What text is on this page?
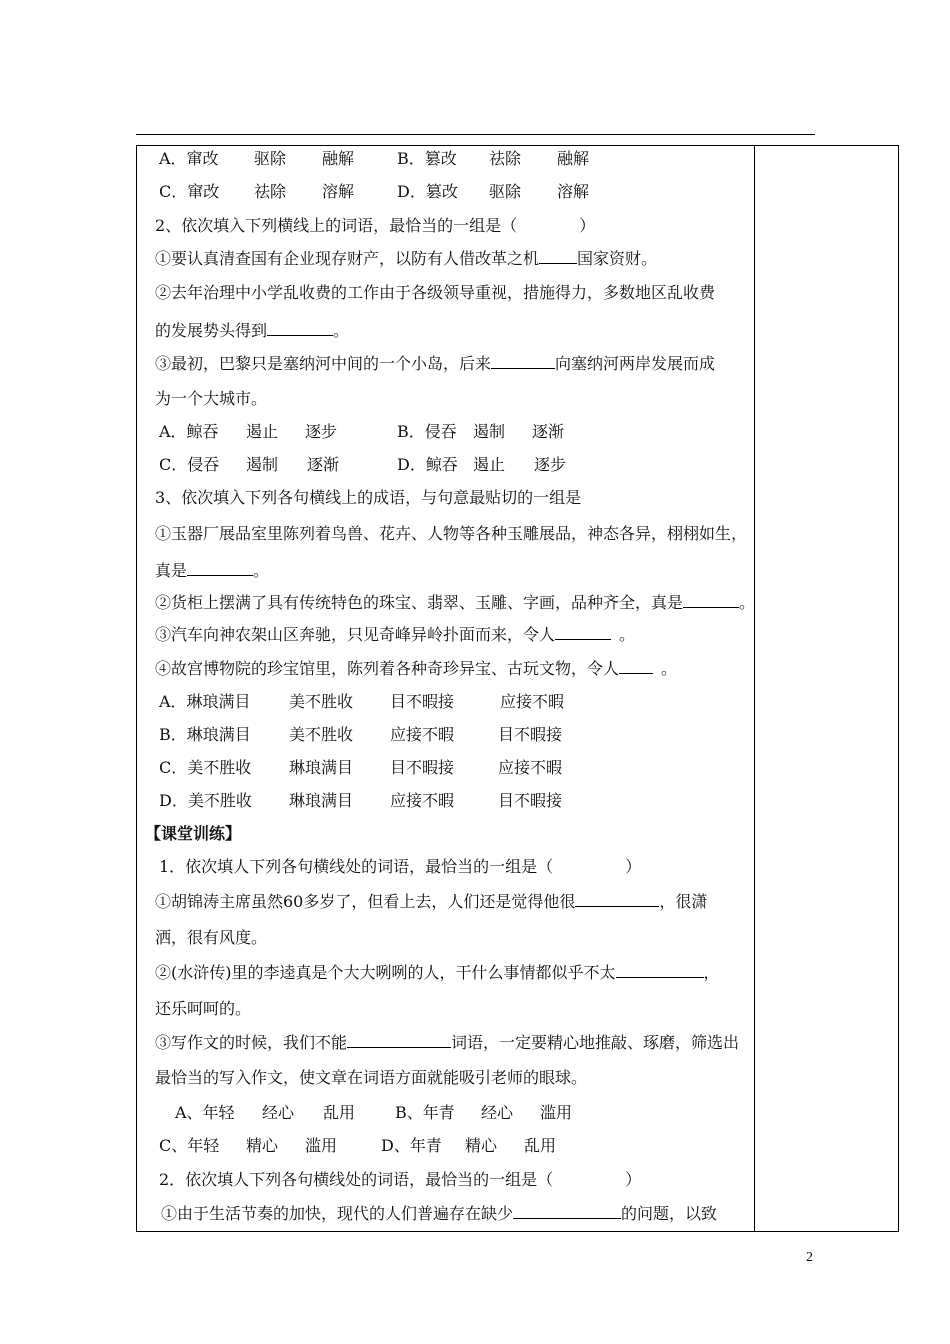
A．窜改 驱除 融解	B．篡改 祛除 融解
C．窜改 祛除 溶解	D．篡改 驱除 溶解
2、依次填入下列横线上的词语，最恰当的一组是（	）
①要认真清查国有企业现存财产，以防有人借改革之机 国家资财。
②去年治理中小学乱收费的工作由于各级领导重视，措施得力，多数地区乱收费
的发展势头得到	。
③最初，巴黎只是塞纳河中间的一个小岛，后来	向塞纳河两岸发展而成
为一个大城市。
A．鲸吞 遏止 逐步	B．侵吞 遏制 逐渐
C．侵吞 遏制 逐渐	D．鲸吞 遏止 逐步
3、依次填入下列各句横线上的成语，与句意最贴切的一组是
①玉器厂展品室里陈列着鸟兽、花卉、人物等各种玉雕展品，神态各异，栩栩如生，
真是	。
②货柜上摆满了具有传统特色的珠宝、翡翠、玉雕、字画，品种齐全，真是	。
③汽车向神农架山区奔驰，只见奇峰异岭扑面而来，令人	。
④故宫博物院的珍宝馆里，陈列着各种奇珍异宝、古玩文物，令人	。
A．琳琅满目 美不胜收 目不暇接	应接不暇
B．琳琅满目 美不胜收 应接不暇	目不暇接
C．美不胜收 琳琅满目 目不暇接	应接不暇
D．美不胜收 琳琅满目 应接不暇	目不暇接
【课堂训练】
1．依次填人下列各句横线处的词语，最恰当的一组是（	）
①胡锦涛主席虽然60多岁了，但看上去，人们还是觉得他很	，很潇
洒，很有风度。
②(水浒传)里的李逵真是个大大咧咧的人，干什么事情都似乎不太	，
还乐呵呵的。
③写作文的时候，我们不能	词语，一定要精心地推敲、琢磨，筛选出
最恰当的写入作文，使文章在词语方面就能吸引老师的眼球。
A、年轻 经心 乱用 B、年青 经心 滥用
C、年轻 精心 滥用	D、年青 精心 乱用
2．依次填人下列各句横线处的词语，最恰当的一组是（	）
①由于生活节奏的加快，现代的人们普遍存在缺少	的问题，以致
2
